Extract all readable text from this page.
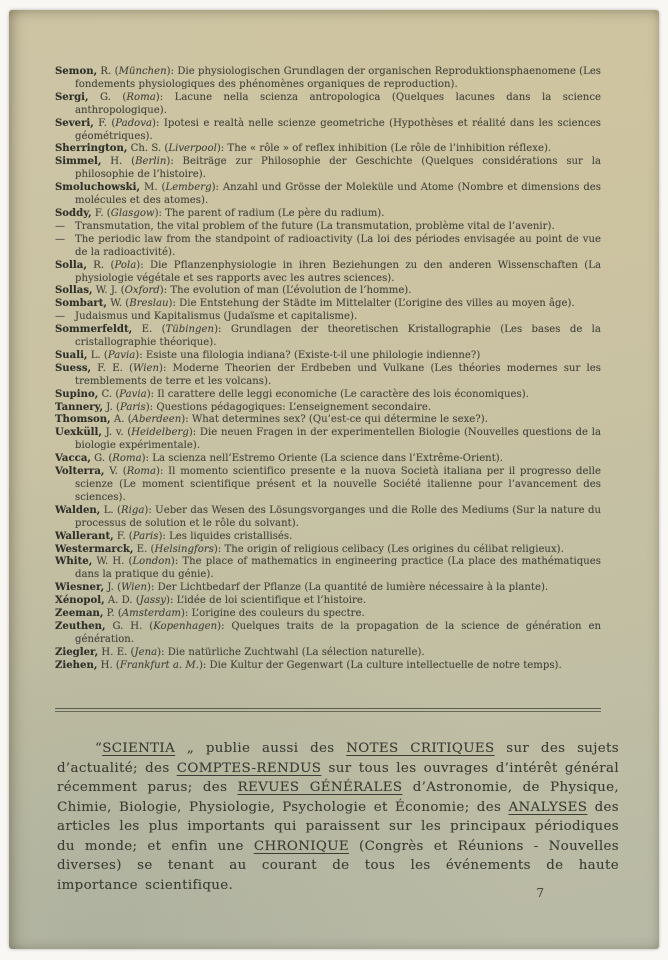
Semon, R. (München): Die physiologischen Grundlagen der organischen Reproduktionsphaenomene (Les fondements physiologiques des phénomènes organiques de reproduction).
Sergi, G. (Roma): Lacune nella scienza antropologica (Quelques lacunes dans la science anthropologique).
Severi, F. (Padova): Ipotesi e realtà nelle scienze geometriche (Hypothèses et réalité dans les sciences géométriques).
Sherrington, Ch. S. (Liverpool): The « rôle » of reflex inhibition (Le rôle de l’inhibition réflexe).
Simmel, H. (Berlin): Beiträge zur Philosophie der Geschichte (Quelques considérations sur la philosophie de l’histoire).
Smoluchowski, M. (Lemberg): Anzahl und Grösse der Moleküle und Atome (Nombre et dimensions des molécules et des atomes).
Soddy, F. (Glasgow): The parent of radium (Le père du radium).
— Transmutation, the vital problem of the future (La transmutation, problème vital de l’avenir).
— The periodic law from the standpoint of radioactivity (La loi des périodes envisagée au point de vue de la radioactivité).
Solla, R. (Pola): Die Pflanzenphysiologie in ihren Beziehungen zu den anderen Wissenschaften (La physiologie végétale et ses rapports avec les autres sciences).
Sollas, W. J. (Oxford): The evolution of man (L’évolution de l’homme).
Sombart, W. (Breslau): Die Entstehung der Städte im Mittelalter (L’origine des villes au moyen âge).
— Judaismus und Kapitalismus (Judaïsme et capitalisme).
Sommerfeldt, E. (Tübingen): Grundlagen der theoretischen Kristallographie (Les bases de la cristallographie théorique).
Suali, L. (Pavia): Esiste una filologia indiana? (Existe-t-il une philologie indienne?)
Suess, F. E. (Wien): Moderne Theorien der Erdbeben und Vulkane (Les théories modernes sur les tremblements de terre et les volcans).
Supino, C. (Pavia): Il carattere delle leggi economiche (Le caractère des lois économiques).
Tannery, J. (Paris): Questions pédagogiques: L’enseignement secondaire.
Thomson, A. (Aberdeen): What determines sex? (Qu’est-ce qui détermine le sexe?).
Uexküll, J. v. (Heidelberg): Die neuen Fragen in der experimentellen Biologie (Nouvelles questions de la biologie expérimentale).
Vacca, G. (Roma): La scienza nell’Estremo Oriente (La science dans l’Extrême-Orient).
Volterra, V. (Roma): Il momento scientifico presente e la nuova Società italiana per il progresso delle scienze (Le moment scientifique présent et la nouvelle Société italienne pour l’avancement des sciences).
Walden, L. (Riga): Ueber das Wesen des Lösungsvorganges und die Rolle des Mediums (Sur la nature du processus de solution et le rôle du solvant).
Wallerant, F. (Paris): Les liquides cristallisés.
Westermarck, E. (Helsingfors): The origin of religious celibacy (Les origines du célibat religieux).
White, W. H. (London): The place of mathematics in engineering practice (La place des mathématiques dans la pratique du génie).
Wiesner, J. (Wien): Der Lichtbedarf der Pflanze (La quantité de lumière nécessaire à la plante).
Xénopol, A. D. (Jassy): L’idée de loi scientifique et l’histoire.
Zeeman, P. (Amsterdam): L’origine des couleurs du spectre.
Zeuthen, G. H. (Kopenhagen): Quelques traits de la propagation de la science de génération en génération.
Ziegler, H. E. (Jena): Die natürliche Zuchtwahl (La sélection naturelle).
Ziehen, H. (Frankfurt a. M.): Die Kultur der Gegenwart (La culture intellectuelle de notre temps).

“SCIENTIA „ publie aussi des NOTES CRITIQUES sur des sujets d’actualité; des COMPTES-RENDUS sur tous les ouvrages d’intérêt général récemment parus; des REVUES GÉNÉRALES d’Astronomie, de Physique, Chimie, Biologie, Physiologie, Psychologie et Économie; des ANALYSES des articles les plus importants qui paraissent sur les principaux périodiques du monde; et enfin une CHRONIQUE (Congrès et Réunions - Nouvelles diverses) se tenant au courant de tous les événements de haute importance scientifique.

7
